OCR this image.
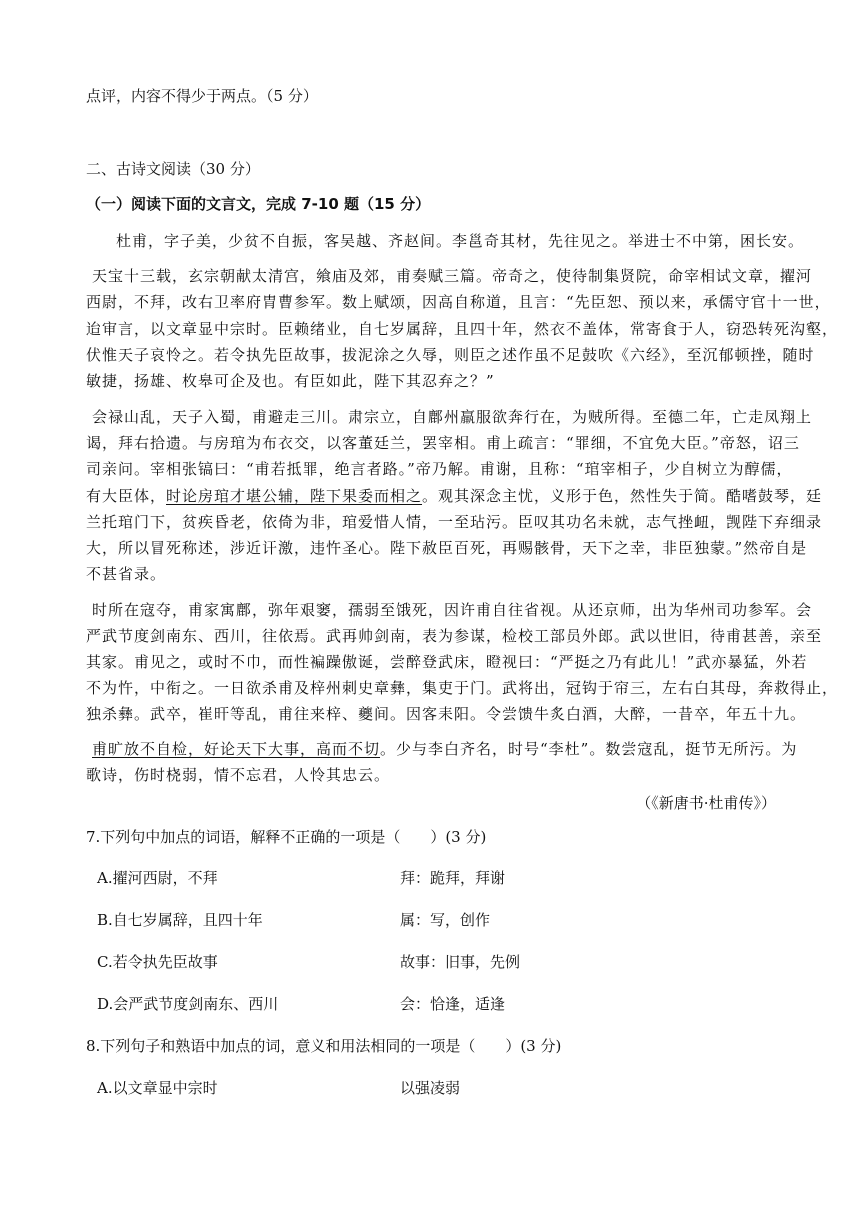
点评，内容不得少于两点。（5 分）
二、古诗文阅读（30 分）
（一）阅读下面的文言文，完成 7-10 题（15 分）
杜甫，字子美，少贫不自振，客吴越、齐赵间。李邕奇其材，先往见之。举进士不中第，困长安。
天宝十三载，玄宗朝献太清宫，飨庙及郊，甫奏赋三篇。帝奇之，使待制集贤院，命宰相试文章，擢河
西尉，不拜，改右卫率府胄曹参军。数上赋颂，因高自称道，且言：“先臣恕、预以来，承儒守官十一世，
迨审言，以文章显中宗时。臣赖绪业，自七岁属辞，且四十年，然衣不盖体，常寄食于人，窃恐转死沟壑，
伏惟天子哀怜之。若令执先臣故事，拔泥涂之久辱，则臣之述作虽不足鼓吹《六经》，至沉郁顿挫，随时
敏捷，扬雄、枚皋可企及也。有臣如此，陛下其忍弃之？”
会禄山乱，天子入蜀，甫避走三川。肃宗立，自鄜州羸服欲奔行在，为贼所得。至德二年，亡走凤翔上
谒，拜右拾遗。与房琯为布衣交，以客董廷兰，罢宰相。甫上疏言：“罪细，不宜免大臣。”帝怒，诏三
司亲问。宰相张镐曰：“甫若抵罪，绝言者路。”帝乃解。甫谢，且称：“琯宰相子，少自树立为醇儒，
有大臣体，时论房琯才堪公辅，陛下果委而相之。观其深念主忧，义形于色，然性失于简。酷嗜鼓琴，廷
兰托琯门下，贫疾昏老，依倚为非，琯爱惜人情，一至玷污。臣叹其功名未就，志气挫衄，觊陛下弃细录
大，所以冒死称述，涉近讦激，违忤圣心。陛下赦臣百死，再赐骸骨，天下之幸，非臣独蒙。”然帝自是
不甚省录。
时所在寇夺，甫家寓鄜，弥年艰窭，孺弱至饿死，因许甫自往省视。从还京师，出为华州司功参军。会
严武节度剑南东、西川，往依焉。武再帅剑南，表为参谋，检校工部员外郎。武以世旧，待甫甚善，亲至
其家。甫见之，或时不巾，而性褊躁傲诞，尝醉登武床，瞪视曰：“严挺之乃有此儿！”武亦暴猛，外若
不为忤，中衔之。一日欲杀甫及梓州刺史章彝，集吏于门。武将出，冠钩于帘三，左右白其母，奔救得止，
独杀彝。武卒，崔旰等乱，甫往来梓、夔间。因客耒阳。令尝馈牛炙白酒，大醉，一昔卒，年五十九。
甫旷放不自检，好论天下大事，高而不切。少与李白齐名，时号“李杜”。数尝寇乱，挺节无所污。为
歌诗，伤时桡弱，情不忘君，人怜其忠云。
（《新唐书·杜甫传》）
7.下列句中加点的词语，解释不正确的一项是（　　）(3 分)
A.擢河西尉，不拜	拜：跪拜，拜谢
B.自七岁属辞，且四十年	属：写，创作
C.若令执先臣故事	故事：旧事，先例
D.会严武节度剑南东、西川	会：恰逢，适逢
8.下列句子和熟语中加点的词，意义和用法相同的一项是（　　）(3 分)
A.以文章显中宗时	以强凌弱
